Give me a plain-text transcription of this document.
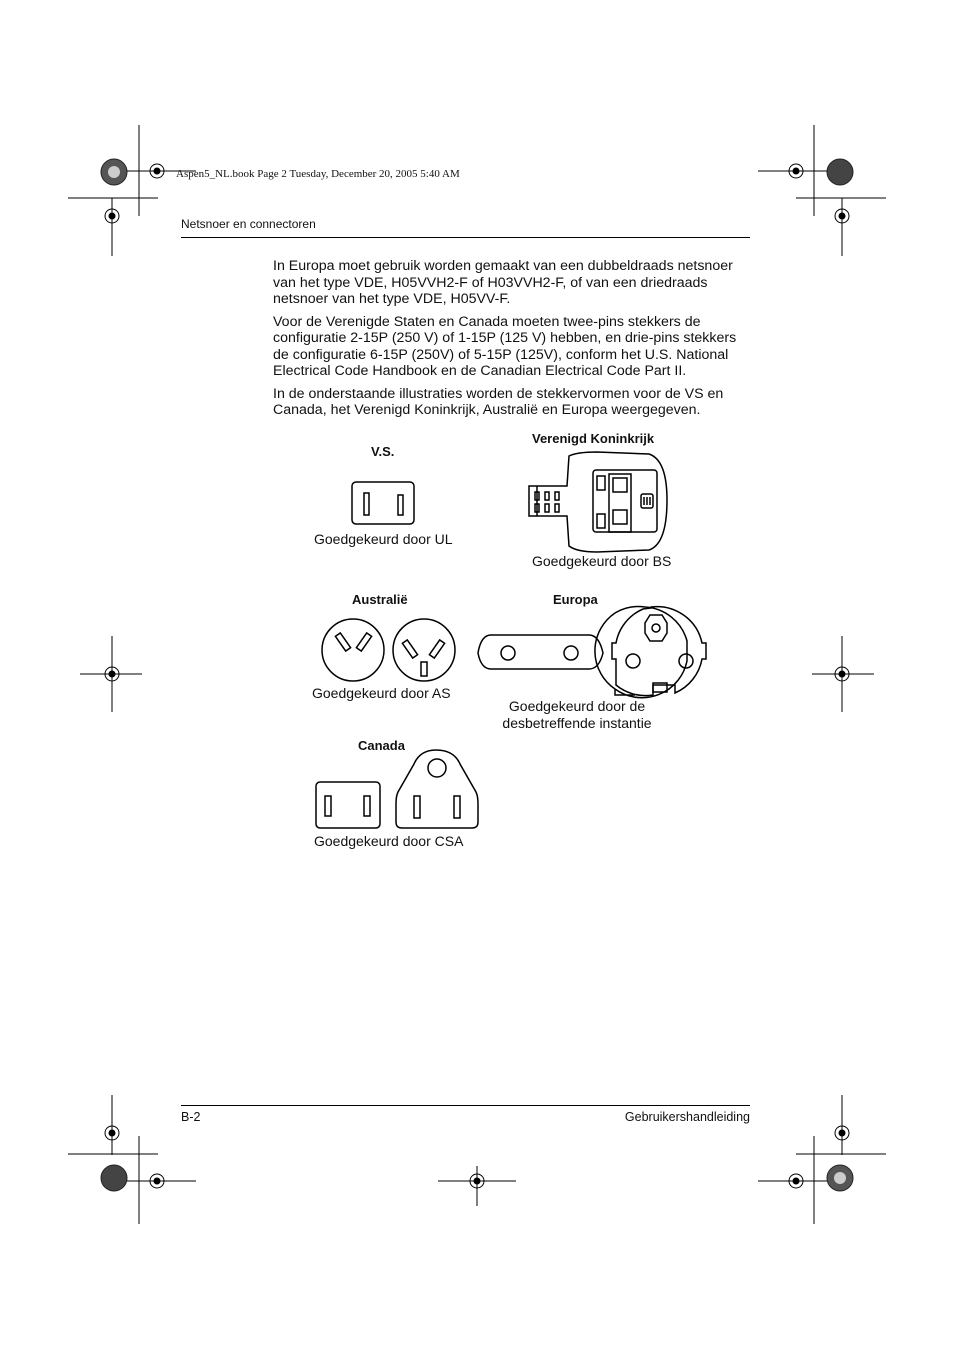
Aspen5_NL.book Page 2 Tuesday, December 20, 2005 5:40 AM
Netsnoer en connectoren

In Europa moet gebruik worden gemaakt van een dubbeldraads netsnoer van het type VDE, H05VVH2-F of H03VVH2-F, of van een driedraads netsnoer van het type VDE, H05VV-F.

Voor de Verenigde Staten en Canada moeten twee-pins stekkers de configuratie 2-15P (250 V) of 1-15P (125 V) hebben, en drie-pins stekkers de configuratie 6-15P (250V) of 5-15P (125V), conform het U.S. National Electrical Code Handbook en de Canadian Electrical Code Part II.

In de onderstaande illustraties worden de stekkervormen voor de VS en Canada, het Verenigd Koninkrijk, Australië en Europa weergegeven.

V.S.
Goedgekeurd door UL
Verenigd Koninkrijk
Goedgekeurd door BS
Australië
Goedgekeurd door AS
Europa
Goedgekeurd door de
desbetreffende instantie
Canada
Goedgekeurd door CSA
B-2	Gebruikershandleiding
